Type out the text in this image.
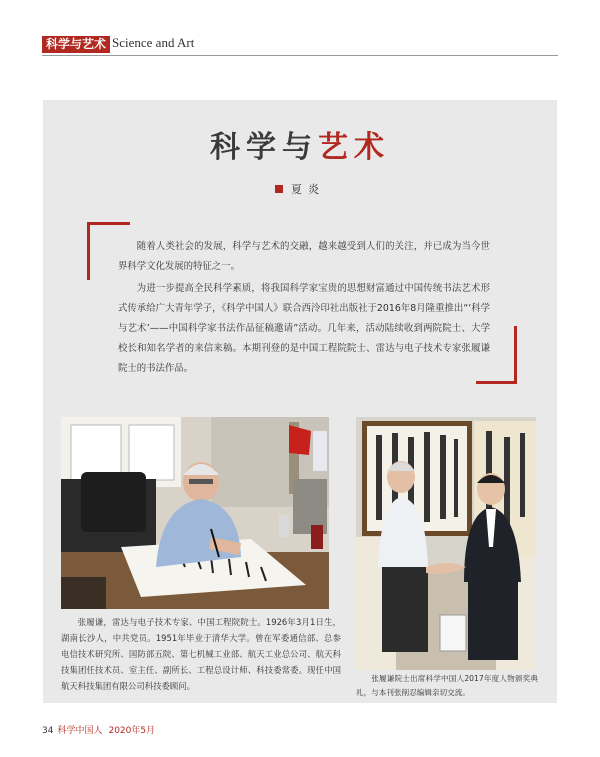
科学与艺术 Science and Art
科学与艺术
夏炎

随着人类社会的发展，科学与艺术的交融，越来越受到人们的关注，并已成为当今世界科学文化发展的特征之一。

为进一步提高全民科学素质，将我国科学家宝贵的思想财富通过中国传统书法艺术形式传承给广大青年学子，《科学中国人》联合西泠印社出版社于2016年8月隆重推出“‘科学与艺术’——中国科学家书法作品征稿邀请”活动。几年来，活动陆续收到两院院士、大学校长和知名学者的来信来稿。本期刊登的是中国工程院院士、雷达与电子技术专家张履谦院士的书法作品。

张履谦，雷达与电子技术专家、中国工程院院士。1926年3月1日生，湖南长沙人，中共党员。1951年毕业于清华大学。曾在军委通信部、总参电信技术研究所、国防部五院、第七机械工业部、航天工业总公司、航天科技集团任技术员、室主任、副所长、工程总设计师、科技委常委。现任中国航天科技集团有限公司科技委顾问。
张履谦院士出席科学中国人2017年度人物颁奖典礼，与本刊张削忍编辑亲切交流。
34 科学中国人 2020年5月
